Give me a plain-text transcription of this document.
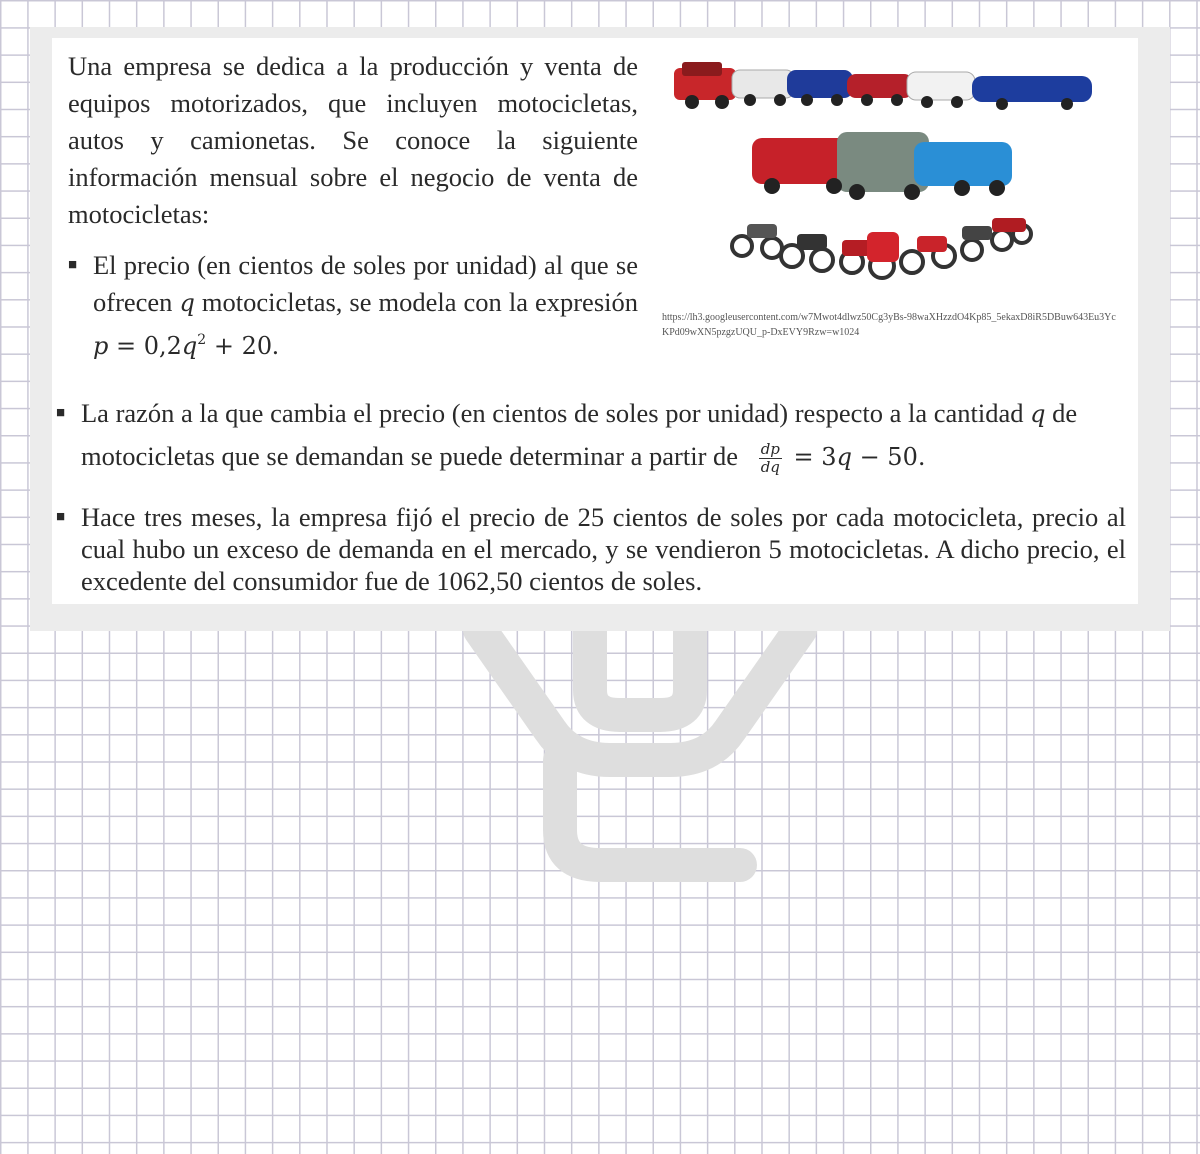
Una empresa se dedica a la producción y venta de equipos motorizados, que incluyen motocicletas, autos y camionetas. Se conoce la siguiente información mensual sobre el negocio de venta de motocicletas:

■ El precio (en cientos de soles por unidad) al que se ofrecen q motocicletas, se modela con la expresión $p = 0,2q^2 + 20$.
https://lh3.googleusercontent.com/w7Mwot4dlwz50Cg3yBs-98waXHzzdO4Kp85_5ekaxD8iR5DBuw643Eu3YcKPd09wXN5pzgzUQU_p-DxEVY9Rzw=w1024
■ La razón a la que cambia el precio (en cientos de soles por unidad) respecto a la cantidad q de motocicletas que se demandan se puede determinar a partir de $\frac{dp}{dq} = 3q - 50$.
■ Hace tres meses, la empresa fijó el precio de 25 cientos de soles por cada motocicleta, precio al cual hubo un exceso de demanda en el mercado, y se vendieron 5 motocicletas. A dicho precio, el excedente del consumidor fue de 1062,50 cientos de soles.
